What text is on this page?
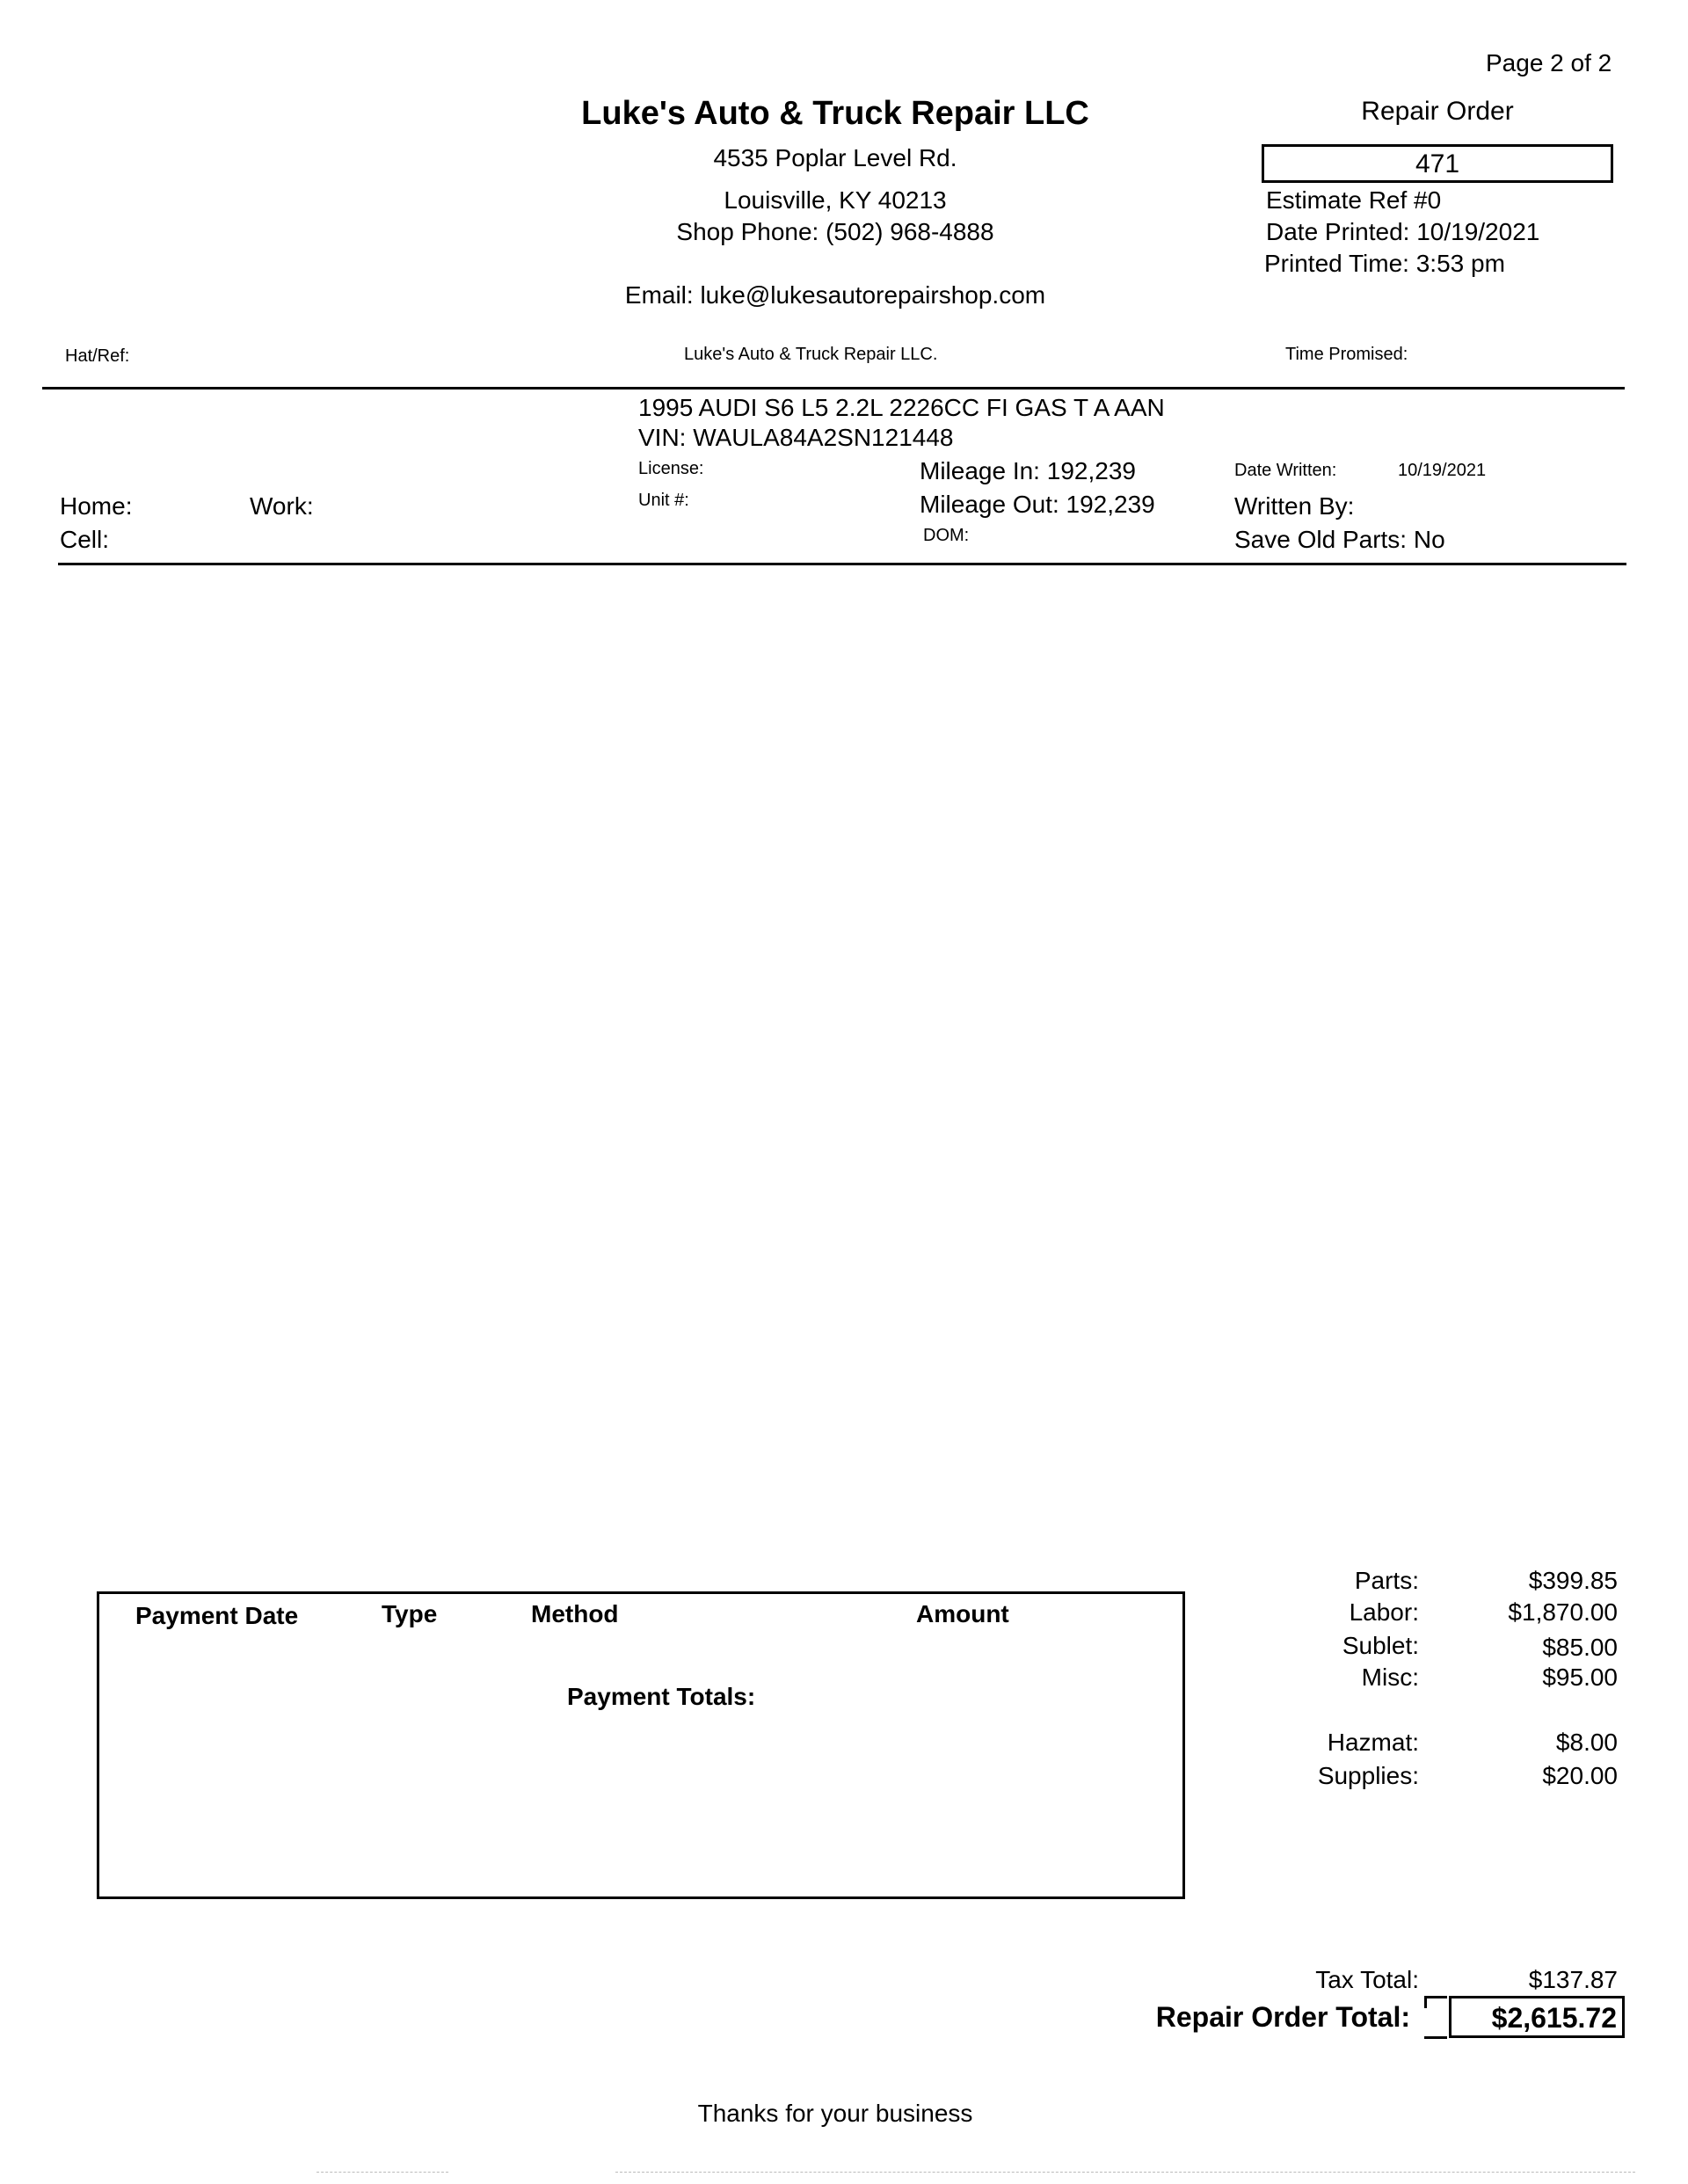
Page 2 of 2
Luke's Auto & Truck Repair LLC
4535 Poplar Level Rd.
Louisville, KY 40213
Shop Phone: (502) 968-4888
Email: luke@lukesautorepairshop.com
Repair Order
471
Estimate Ref #0
Date Printed: 10/19/2021
Printed Time: 3:53 pm
Hat/Ref:	Luke's Auto & Truck Repair LLC.	Time Promised:
1995 AUDI S6 L5 2.2L 2226CC FI GAS T A AAN
VIN: WAULA84A2SN121448
License:
Unit #:
Mileage In: 192,239
Mileage Out: 192,239
DOM:
Date Written:	10/19/2021
Written By:
Save Old Parts: No
Home:	Work:
Cell:
Payment Date	Type	Method	Amount
Payment Totals:
Parts:	$399.85
Labor:	$1,870.00
Sublet:	$85.00
Misc:	$95.00
Hazmat:	$8.00
Supplies:	$20.00
Tax Total:	$137.87
Repair Order Total:	$2,615.72
Thanks for your business
